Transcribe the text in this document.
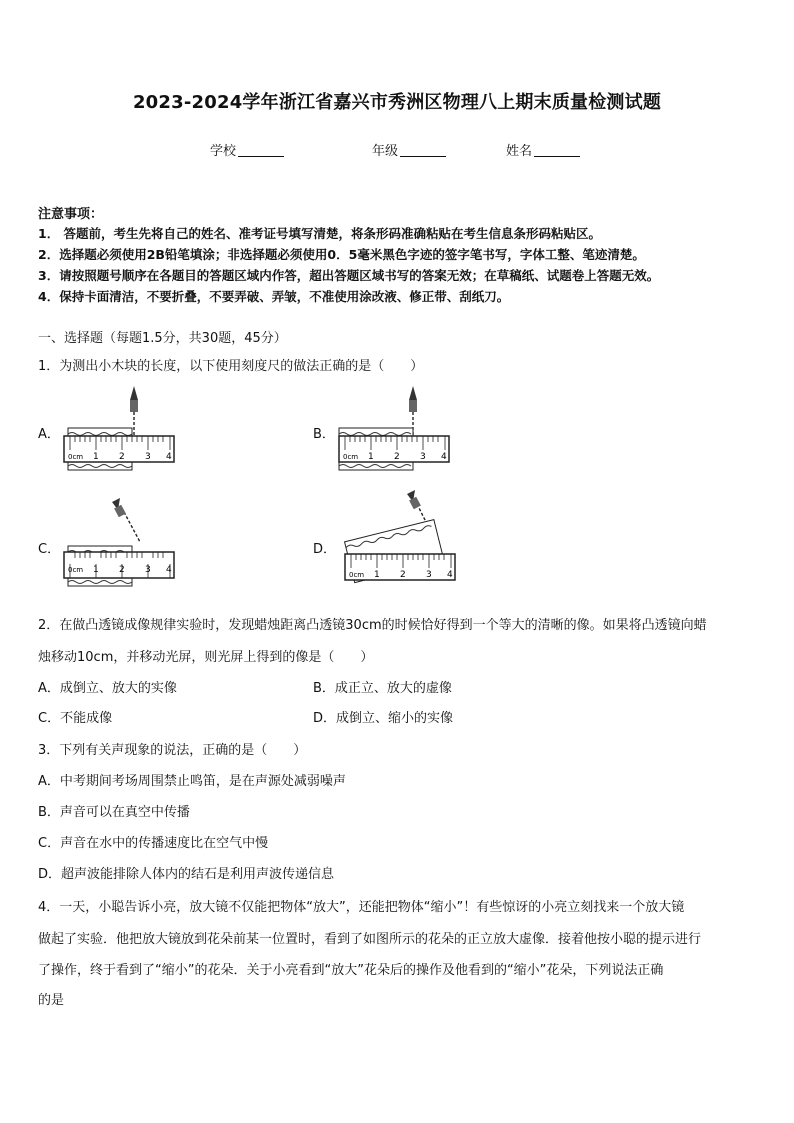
2023-2024学年浙江省嘉兴市秀洲区物理八上期末质量检测试题
学校	年级	姓名
注意事项：
1． 答题前，考生先将自己的姓名、准考证号填写清楚，将条形码准确粘贴在考生信息条形码粘贴区。
2．选择题必须使用2B铅笔填涂；非选择题必须使用0．5毫米黑色字迹的签字笔书写，字体工整、笔迹清楚。
3．请按照题号顺序在各题目的答题区域内作答，超出答题区域书写的答案无效；在草稿纸、试题卷上答题无效。
4．保持卡面清洁，不要折叠，不要弄破、弄皱，不准使用涂改液、修正带、刮纸刀。
一、选择题（每题1.5分，共30题，45分）
1．为测出小木块的长度，以下使用刻度尺的做法正确的是（　　）
A．
0cm 1 2 3 4
B．
0cm 1 2 3 4
C．
0cm 1 2 3 4
D．
0cm 1 2 3 4
2．在做凸透镜成像规律实验时，发现蜡烛距离凸透镜30cm的时候恰好得到一个等大的清晰的像。如果将凸透镜向蜡
烛移动10cm，并移动光屏，则光屏上得到的像是（　　）
A．成倒立、放大的实像	B．成正立、放大的虚像
C．不能成像	D．成倒立、缩小的实像
3．下列有关声现象的说法，正确的是（　　）
A．中考期间考场周围禁止鸣笛，是在声源处减弱噪声
B．声音可以在真空中传播
C．声音在水中的传播速度比在空气中慢
D．超声波能排除人体内的结石是利用声波传递信息
4．一天，小聪告诉小亮，放大镜不仅能把物体“放大”，还能把物体“缩小”！有些惊讶的小亮立刻找来一个放大镜
做起了实验．他把放大镜放到花朵前某一位置时，看到了如图所示的花朵的正立放大虚像．接着他按小聪的提示进行
了操作，终于看到了“缩小”的花朵．关于小亮看到“放大”花朵后的操作及他看到的“缩小”花朵，下列说法正确
的是
